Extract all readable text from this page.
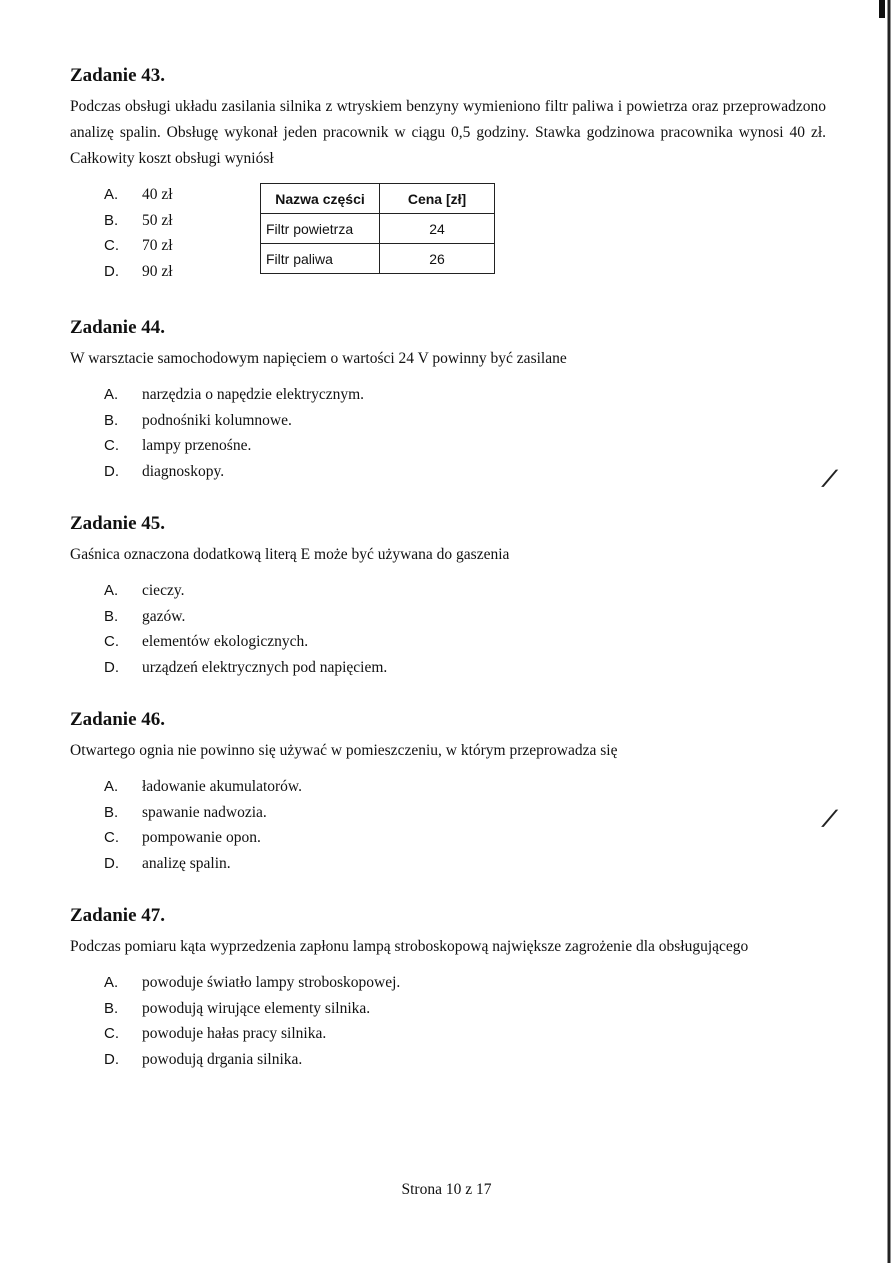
Zadanie 43.

Podczas obsługi układu zasilania silnika z wtryskiem benzyny wymieniono filtr paliwa i powietrza oraz przeprowadzono analizę spalin. Obsługę wykonał jeden pracownik w ciągu 0,5 godziny. Stawka godzinowa pracownika wynosi 40 zł. Całkowity koszt obsługi wyniósł

A.	40 zł
B.	50 zł
C.	70 zł
D.	90 zł
Nazwa części	Cena [zł]
Filtr powietrza	24
Filtr paliwa	26
Zadanie 44.

W warsztacie samochodowym napięciem o wartości 24 V powinny być zasilane

A.	narzędzia o napędzie elektrycznym.
B.	podnośniki kolumnowe.
C.	lampy przenośne.
D.	diagnoskopy.
Zadanie 45.

Gaśnica oznaczona dodatkową literą E może być używana do gaszenia

A.	cieczy.
B.	gazów.
C.	elementów ekologicznych.
D.	urządzeń elektrycznych pod napięciem.
Zadanie 46.

Otwartego ognia nie powinno się używać w pomieszczeniu, w którym przeprowadza się

A.	ładowanie akumulatorów.
B.	spawanie nadwozia.
C.	pompowanie opon.
D.	analizę spalin.
Zadanie 47.

Podczas pomiaru kąta wyprzedzenia zapłonu lampą stroboskopową największe zagrożenie dla obsługującego

A.	powoduje światło lampy stroboskopowej.
B.	powodują wirujące elementy silnika.
C.	powoduje hałas pracy silnika.
D.	powodują drgania silnika.
⟋
⟋
Strona 10 z 17
